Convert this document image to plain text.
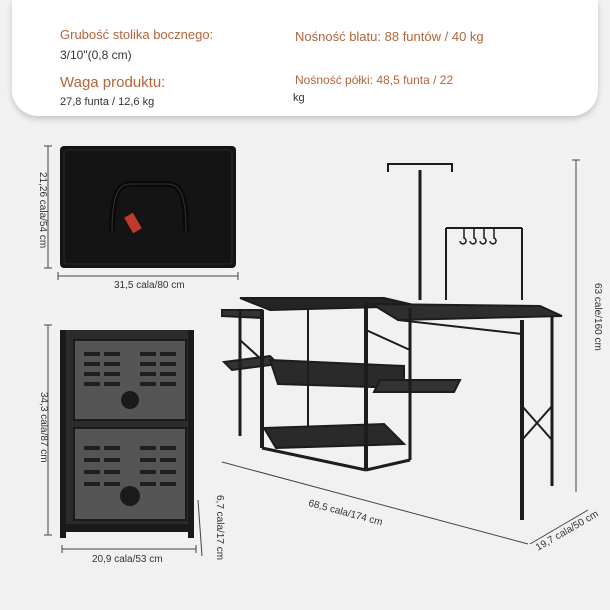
Grubość stolika bocznego:
3/10"(0,8 cm)
Nośność blatu: 88 funtów / 40 kg
Waga produktu:
27,8 funta / 12,6 kg
Nośność półki: 48,5 funta / 22
kg
21,26 cala/54 cm
31,5 cala/80 cm
34,3 cala/87 cm
20,9 cala/53 cm	6,7 cala/17 cm	68,5 cala/174 cm	19,7 cala/50 cm
63 cale/160 cm
